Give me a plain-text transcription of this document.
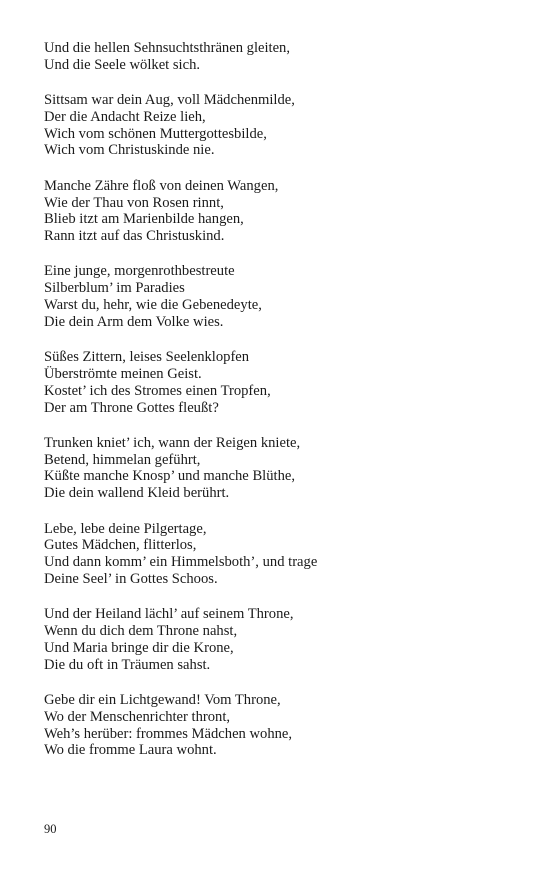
Und die hellen Sehnsuchtsthränen gleiten,
Und die Seele wölket sich.
Sittsam war dein Aug, voll Mädchenmilde,
Der die Andacht Reize lieh,
Wich vom schönen Muttergottesbilde,
Wich vom Christuskinde nie.
Manche Zähre floß von deinen Wangen,
Wie der Thau von Rosen rinnt,
Blieb itzt am Marienbilde hangen,
Rann itzt auf das Christuskind.
Eine junge, morgenrothbestreute
Silberblum’ im Paradies
Warst du, hehr, wie die Gebenedeyte,
Die dein Arm dem Volke wies.
Süßes Zittern, leises Seelenklopfen
Überströmte meinen Geist.
Kostet’ ich des Stromes einen Tropfen,
Der am Throne Gottes fleußt?
Trunken kniet’ ich, wann der Reigen kniete,
Betend, himmelan geführt,
Küßte manche Knosp’ und manche Blüthe,
Die dein wallend Kleid berührt.
Lebe, lebe deine Pilgertage,
Gutes Mädchen, flitterlos,
Und dann komm’ ein Himmelsboth’, und trage
Deine Seel’ in Gottes Schoos.
Und der Heiland lächl’ auf seinem Throne,
Wenn du dich dem Throne nahst,
Und Maria bringe dir die Krone,
Die du oft in Träumen sahst.
Gebe dir ein Lichtgewand! Vom Throne,
Wo der Menschenrichter thront,
Weh’s herüber: frommes Mädchen wohne,
Wo die fromme Laura wohnt.
90
